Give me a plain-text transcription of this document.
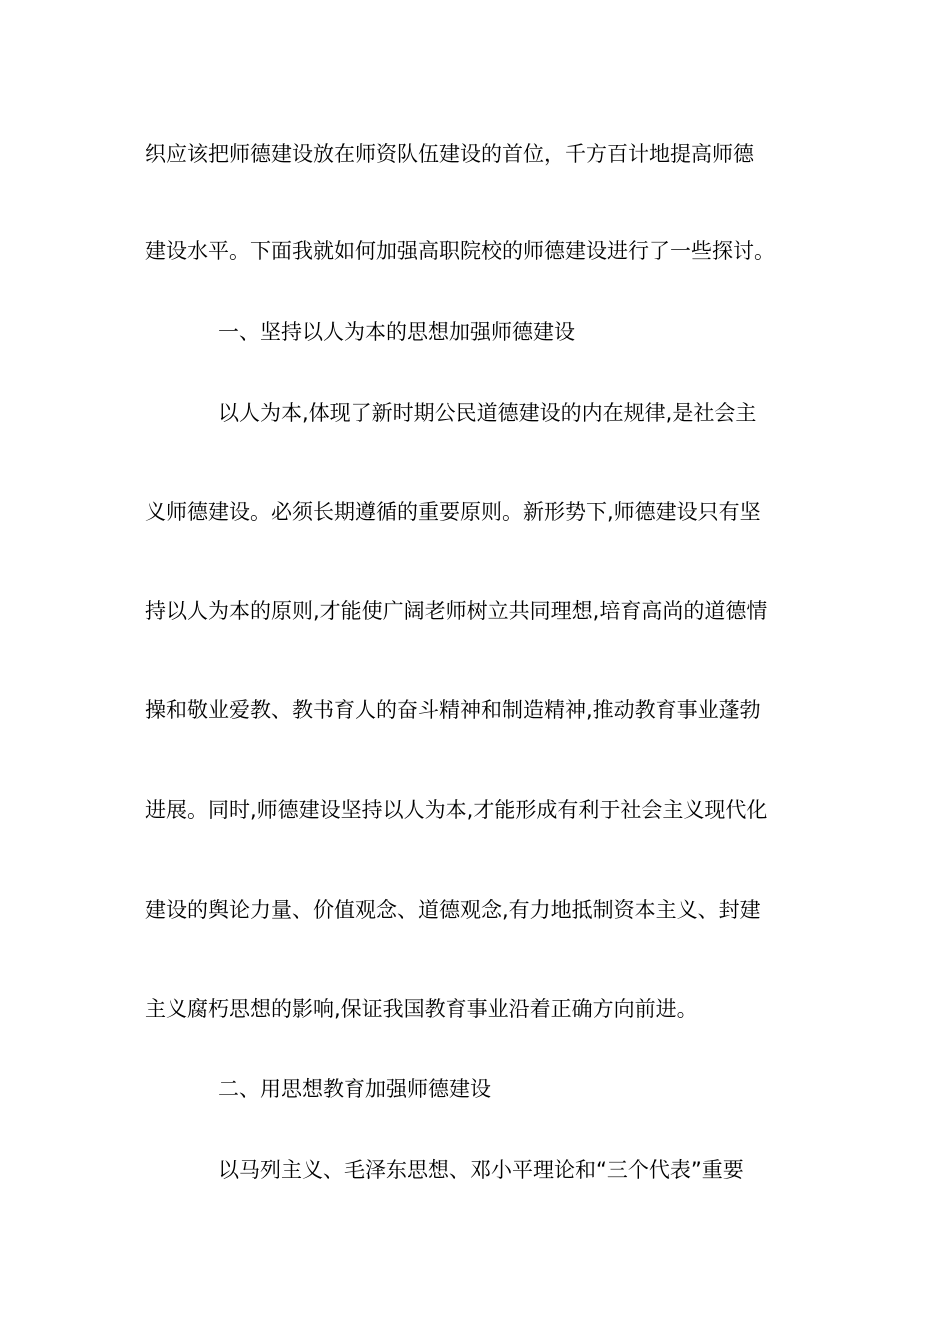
织应该把师德建设放在师资队伍建设的首位，千方百计地提高师德
建设水平。下面我就如何加强高职院校的师德建设进行了一些探讨。
一、坚持以人为本的思想加强师德建设
以人为本,体现了新时期公民道德建设的内在规律,是社会主
义师德建设。必须长期遵循的重要原则。新形势下,师德建设只有坚
持以人为本的原则,才能使广阔老师树立共同理想,培育高尚的道德情
操和敬业爱教、教书育人的奋斗精神和制造精神,推动教育事业蓬勃
进展。同时,师德建设坚持以人为本,才能形成有利于社会主义现代化
建设的舆论力量、价值观念、道德观念,有力地抵制资本主义、封建
主义腐朽思想的影响,保证我国教育事业沿着正确方向前进。
二、用思想教育加强师德建设
以马列主义、毛泽东思想、邓小平理论和“三个代表”重要
